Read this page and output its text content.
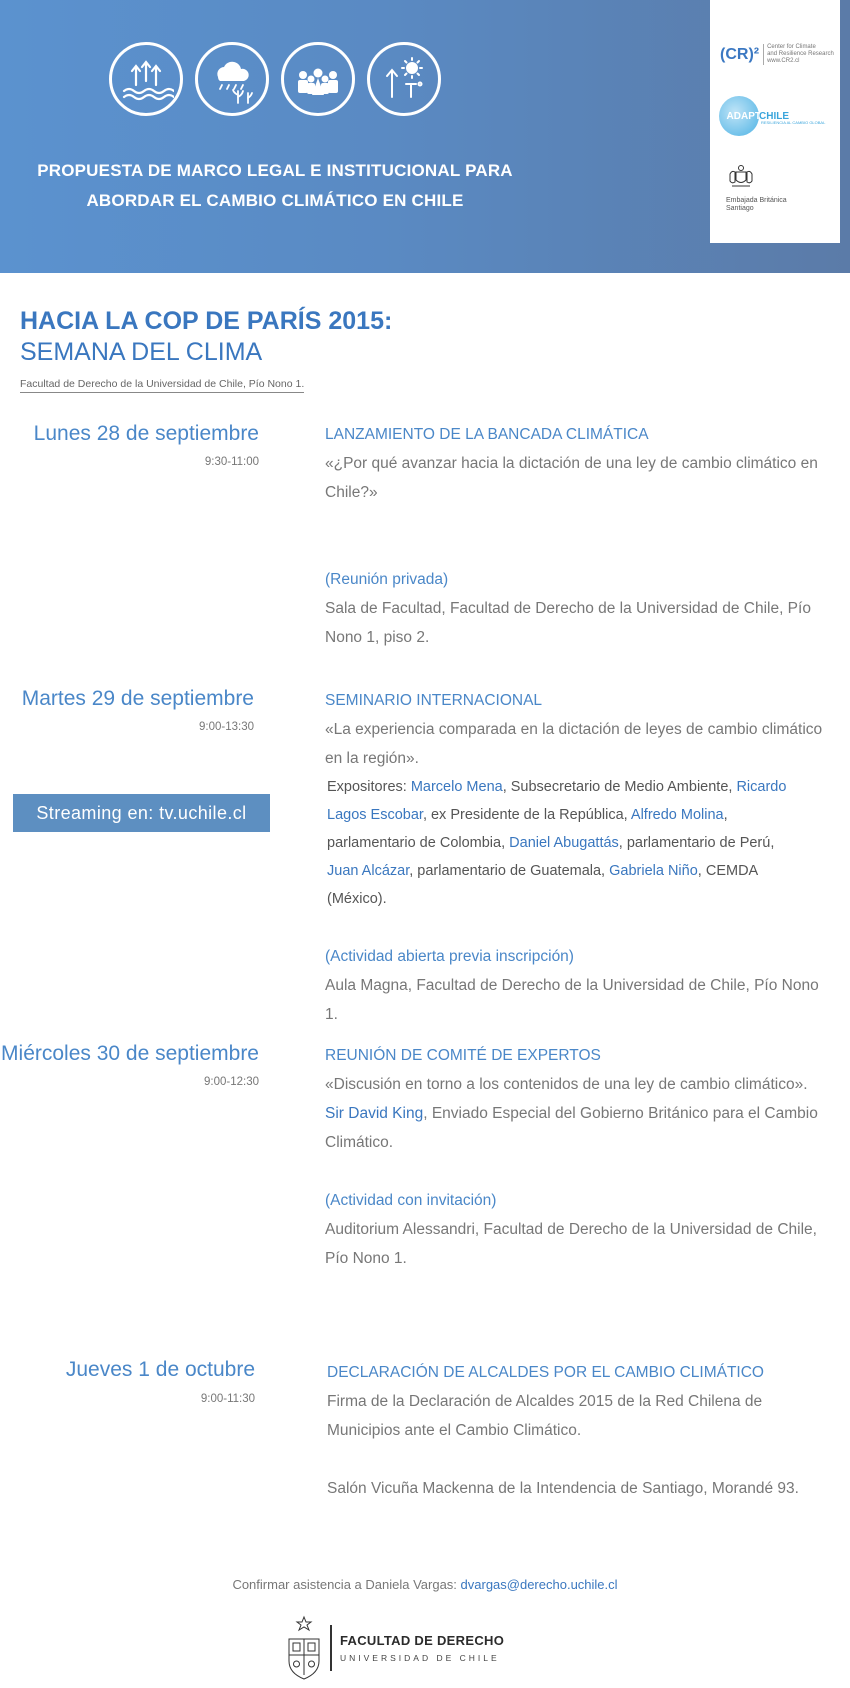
PROPUESTA DE MARCO LEGAL E INSTITUCIONAL PARA
ABORDAR EL CAMBIO CLIMÁTICO EN CHILE
(CR)² Center for Climate
and Resilience Research
www.CR2.cl
ADAPT
CHILE
RESILIENCIA AL CAMBIO GLOBAL
Embajada Británica
Santiago
HACIA LA COP DE PARÍS 2015:
SEMANA DEL CLIMA
Facultad de Derecho de la Universidad de Chile, Pío Nono 1.
Lunes 28 de septiembre
9:30-11:00
LANZAMIENTO DE LA BANCADA CLIMÁTICA
«¿Por qué avanzar hacia la dictación de una ley de cambio climático en Chile?»
(Reunión privada)
Sala de Facultad, Facultad de Derecho de la Universidad de Chile, Pío Nono 1, piso 2.
Martes 29 de septiembre
9:00-13:30
Streaming en: tv.uchile.cl
SEMINARIO INTERNACIONAL
«La experiencia comparada en la dictación de leyes de cambio climático en la región».
Expositores: Marcelo Mena, Subsecretario de Medio Ambiente, Ricardo Lagos Escobar, ex Presidente de la República, Alfredo Molina, parlamentario de Colombia, Daniel Abugattás, parlamentario de Perú, Juan Alcázar, parlamentario de Guatemala, Gabriela Niño, CEMDA (México).
(Actividad abierta previa inscripción)
Aula Magna, Facultad de Derecho de la Universidad de Chile, Pío Nono 1.
Miércoles 30 de septiembre
9:00-12:30
REUNIÓN DE COMITÉ DE EXPERTOS
«Discusión en torno a los contenidos de una ley de cambio climático».
Sir David King, Enviado Especial del Gobierno Británico para el Cambio Climático.
(Actividad con invitación)
Auditorium Alessandri, Facultad de Derecho de la Universidad de Chile, Pío Nono 1.
Jueves 1 de octubre
9:00-11:30
DECLARACIÓN DE ALCALDES POR EL CAMBIO CLIMÁTICO
Firma de la Declaración de Alcaldes 2015 de la Red Chilena de Municipios ante el Cambio Climático.
Salón Vicuña Mackenna de la Intendencia de Santiago, Morandé 93.
Confirmar asistencia a Daniela Vargas: dvargas@derecho.uchile.cl
FACULTAD DE DERECHO
UNIVERSIDAD DE CHILE
